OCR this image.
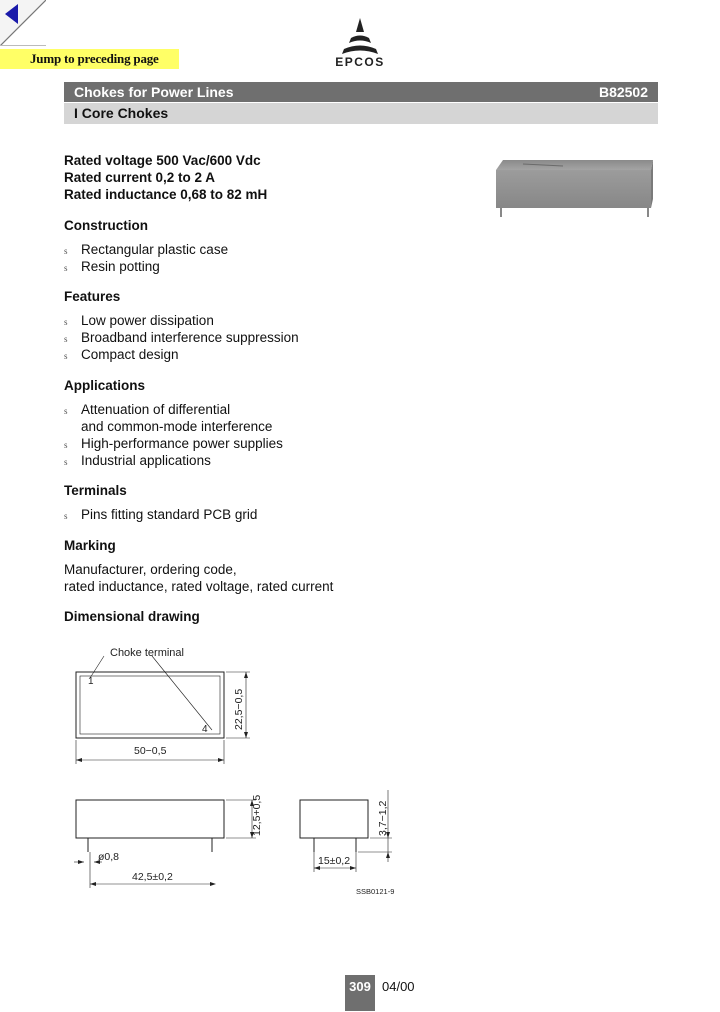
Jump to preceding page	EPCOS
Chokes for Power Lines	B82502
I Core Chokes
Rated voltage 500 Vac/600 Vdc
Rated current 0,2 to 2 A
Rated inductance 0,68 to 82 mH
Construction
s Rectangular plastic case
s Resin potting
Features
s Low power dissipation
s Broadband interference suppression
s Compact design
Applications
s Attenuation of differential
and common-mode interference
s High-performance power supplies
s Industrial applications
Terminals
s Pins fitting standard PCB grid
Marking
Manufacturer, ordering code,
rated inductance, rated voltage, rated current
Dimensional drawing
Choke terminal
1
4 22,5−0,5
50−0,5
12,5+0,5
ø0,8
42,5±0,2
3,7−1,2
15±0,2
SSB0121-9
309 04/00
